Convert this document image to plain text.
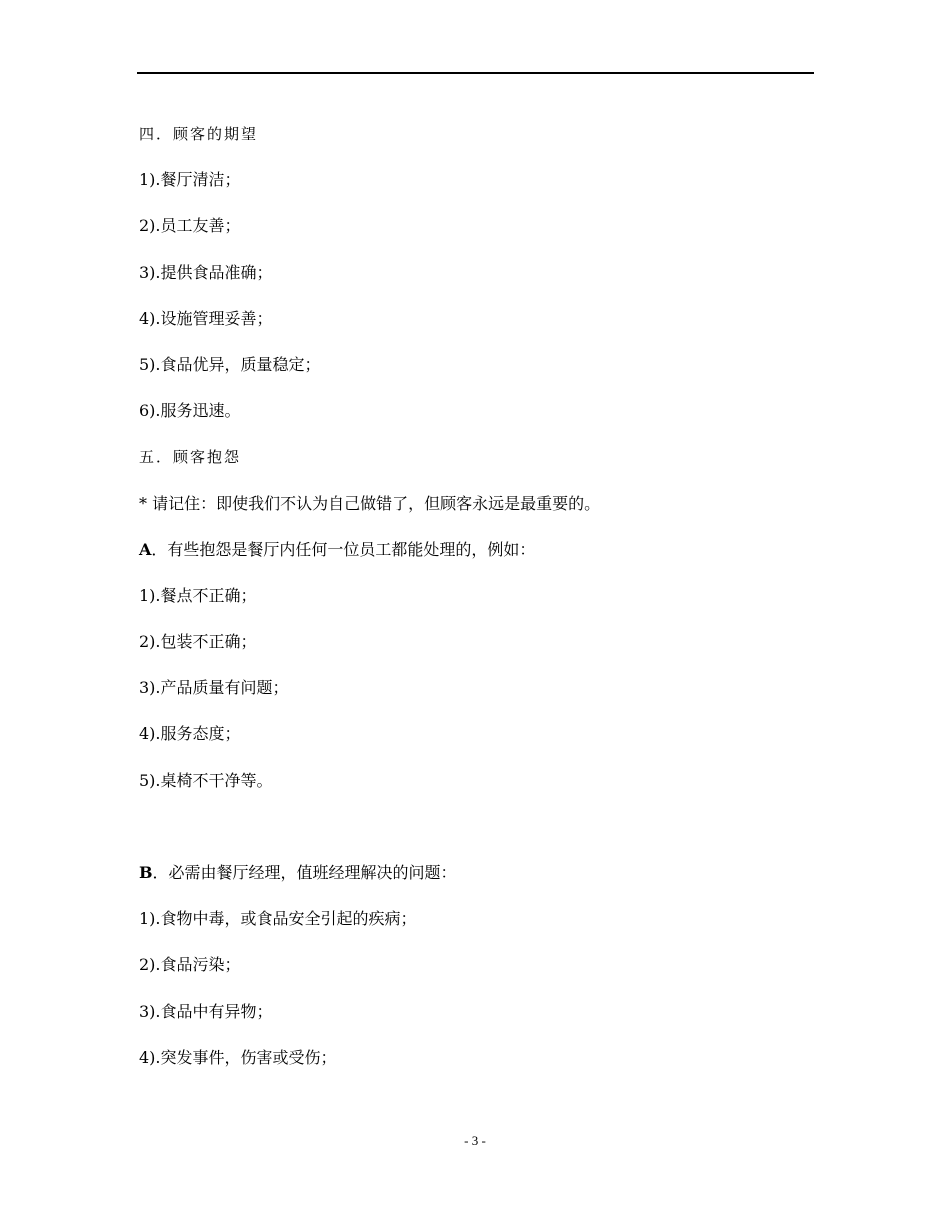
四．顾客的期望
1).餐厅清洁；
2).员工友善；
3).提供食品准确；
4).设施管理妥善；
5).食品优异，质量稳定；
6).服务迅速。
五．顾客抱怨
* 请记住：即使我们不认为自己做错了，但顾客永远是最重要的。
A．有些抱怨是餐厅内任何一位员工都能处理的，例如：
1).餐点不正确；
2).包装不正确；
3).产品质量有问题；
4).服务态度；
5).桌椅不干净等。
B．必需由餐厅经理，值班经理解决的问题：
1).食物中毒，或食品安全引起的疾病；
2).食品污染；
3).食品中有异物；
4).突发事件，伤害或受伤；
- 3 -
